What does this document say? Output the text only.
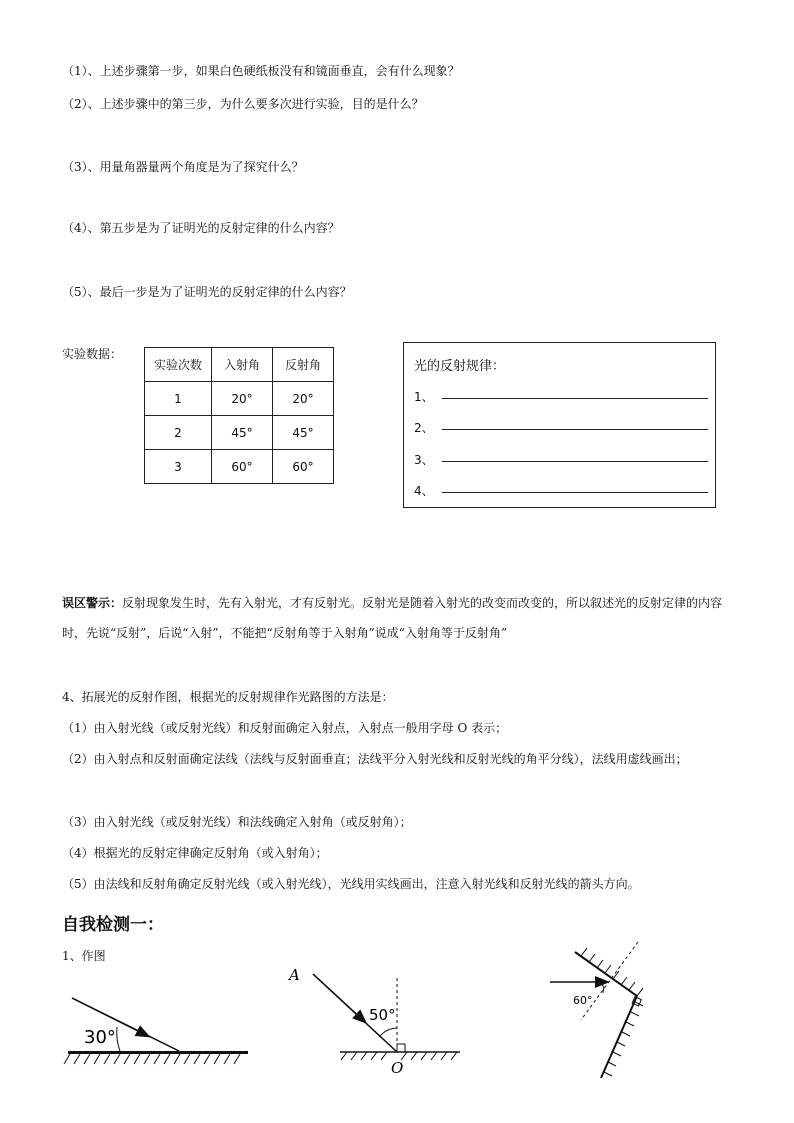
（1）、上述步骤第一步，如果白色硬纸板没有和镜面垂直，会有什么现象？
（2）、上述步骤中的第三步，为什么要多次进行实验，目的是什么？
（3）、用量角器量两个角度是为了探究什么？
（4）、第五步是为了证明光的反射定律的什么内容？
（5）、最后一步是为了证明光的反射定律的什么内容？
实验数据：
实验次数	入射角	反射角
1	20°	20°
2	45°	45°
3	60°	60°
光的反射规律：
1、
2、
3、
4、
误区警示：反射现象发生时，先有入射光，才有反射光。反射光是随着入射光的改变而改变的，所以叙述光的反射定律的内容时，先说“反射”，后说“入射”，不能把“反射角等于入射角”说成“入射角等于反射角”
4、拓展光的反射作图，根据光的反射规律作光路图的方法是：
（1）由入射光线（或反射光线）和反射面确定入射点，入射点一般用字母 O 表示；
（2）由入射点和反射面确定法线（法线与反射面垂直；法线平分入射光线和反射光线的角平分线），法线用虚线画出；
（3）由入射光线（或反射光线）和法线确定入射角（或反射角）；
（4）根据光的反射定律确定反射角（或入射角）；
（5）由法线和反射角确定反射光线（或入射光线），光线用实线画出，注意入射光线和反射光线的箭头方向。
自我检测一：
1、作图
30°
A
50°
O
60°
